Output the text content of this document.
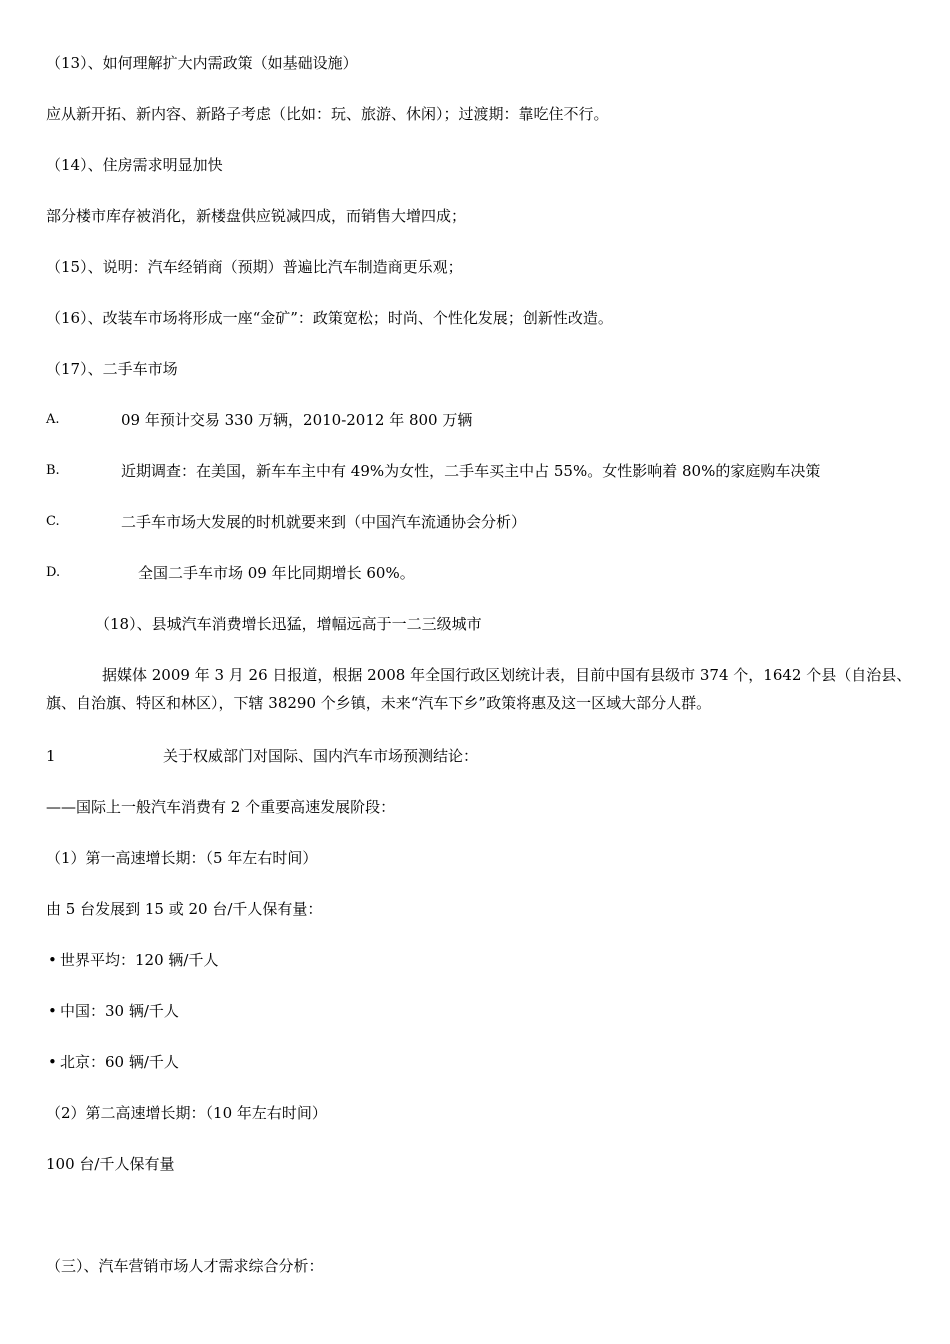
（13）、如何理解扩大内需政策（如基础设施）
应从新开拓、新内容、新路子考虑（比如：玩、旅游、休闲）；过渡期：靠吃住不行。
（14）、住房需求明显加快
部分楼市库存被消化，新楼盘供应锐减四成，而销售大增四成；
（15）、说明：汽车经销商（预期）普遍比汽车制造商更乐观；
（16）、改装车市场将形成一座“金矿”：政策宽松；时尚、个性化发展；创新性改造。
（17）、二手车市场
A.	09 年预计交易 330 万辆，2010-2012 年 800 万辆
B.	近期调查：在美国，新车车主中有 49%为女性，二手车买主中占 55%。女性影响着 80%的家庭购车决策
C.	二手车市场大发展的时机就要来到（中国汽车流通协会分析）
D.	全国二手车市场 09 年比同期增长 60%。
（18）、县城汽车消费增长迅猛，增幅远高于一二三级城市
据媒体 2009 年 3 月 26 日报道，根据 2008 年全国行政区划统计表，目前中国有县级市 374 个，1642 个县（自治县、旗、自治旗、特区和林区），下辖 38290 个乡镇，未来“汽车下乡”政策将惠及这一区域大部分人群。
1	关于权威部门对国际、国内汽车市场预测结论：
——国际上一般汽车消费有 2 个重要高速发展阶段：
（1）第一高速增长期：（5 年左右时间）
由 5 台发展到 15 或 20 台/千人保有量：
• 世界平均：120 辆/千人
• 中国：30 辆/千人
• 北京：60 辆/千人
（2）第二高速增长期：（10 年左右时间）
100 台/千人保有量
（三）、汽车营销市场人才需求综合分析：
